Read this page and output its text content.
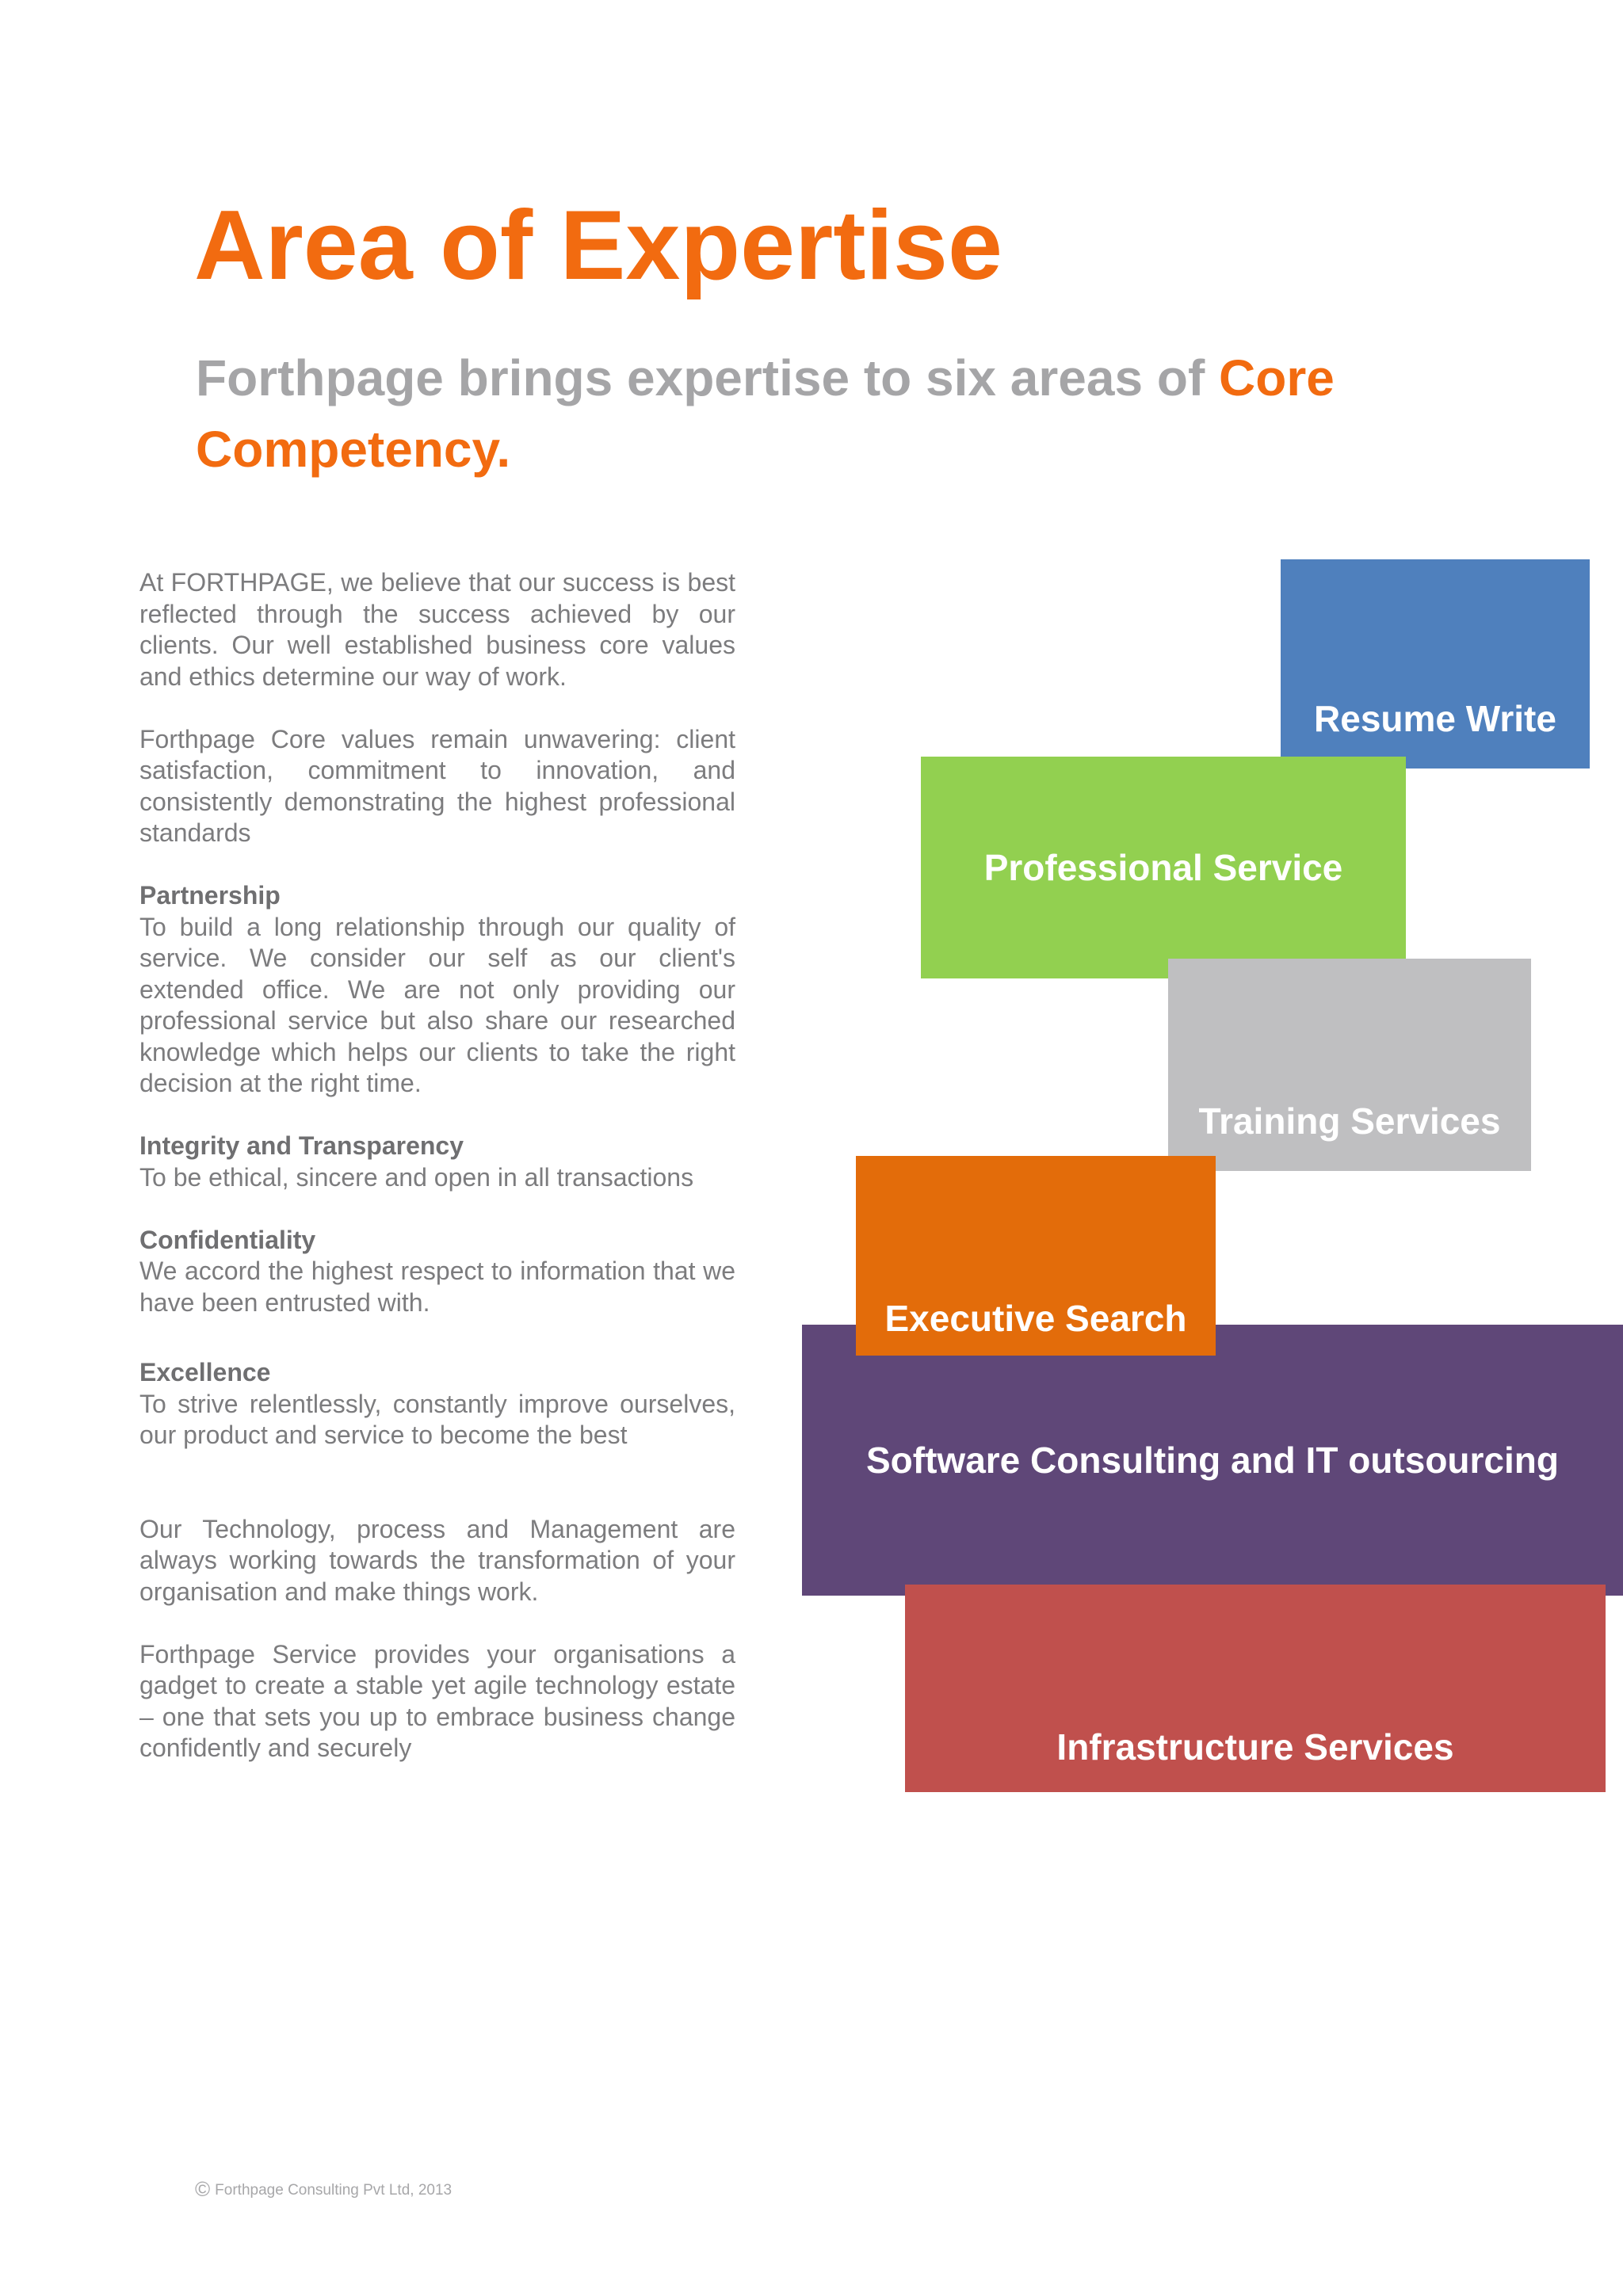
Area of Expertise
Forthpage brings expertise to six areas of Core Competency.

At FORTHPAGE, we believe that our success is best reflected through the success achieved by our clients. Our well established business core values and ethics determine our way of work.

Forthpage Core values remain unwavering: client satisfaction, commitment to innovation, and consistently demonstrating the highest professional standards

Partnership
To build a long relationship through our quality of service. We consider our self as our client's extended office. We are not only providing our professional service but also share our researched knowledge which helps our clients to take the right decision at the right time.

Integrity and Transparency
To be ethical, sincere and open in all transactions

Confidentiality
We accord the highest respect to information that we have been entrusted with.

Excellence
To strive relentlessly, constantly improve ourselves, our product and service to become the best

Our Technology, process and Management are always working towards the transformation of your organisation and make things work.

Forthpage Service provides your organisations a gadget to create a stable yet agile technology estate – one that sets you up to embrace business change confidently and securely

Resume Write
Professional Service
Training Services
Software Consulting and IT outsourcing
Executive Search
Infrastructure Services
© Forthpage Consulting Pvt Ltd, 2013
